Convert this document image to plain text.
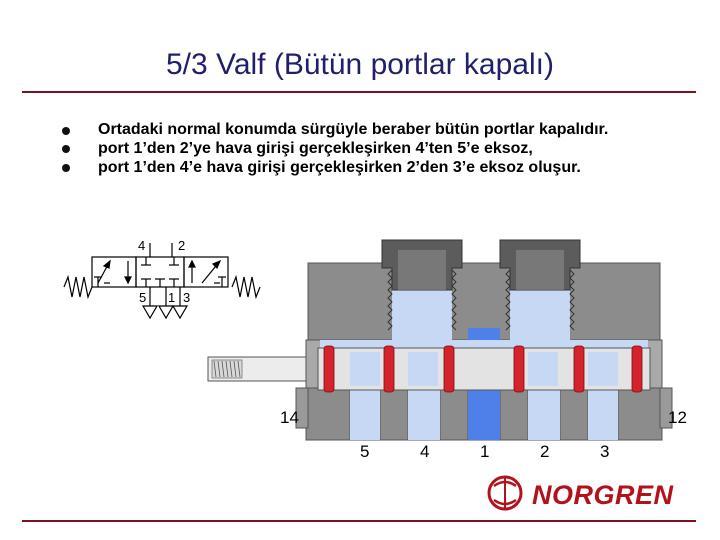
5/3 Valf (Bütün portlar kapalı)
Ortadaki normal konumda sürgüyle beraber bütün portlar kapalıdır.
port 1’den 2’ye hava girişi gerçekleşirken 4’ten 5’e eksoz,
port 1’den 4’e hava girişi gerçekleşirken 2’den 3’e eksoz oluşur.
4	2
5 1 3
14	12
5	4	1	2	3
NORGREN
